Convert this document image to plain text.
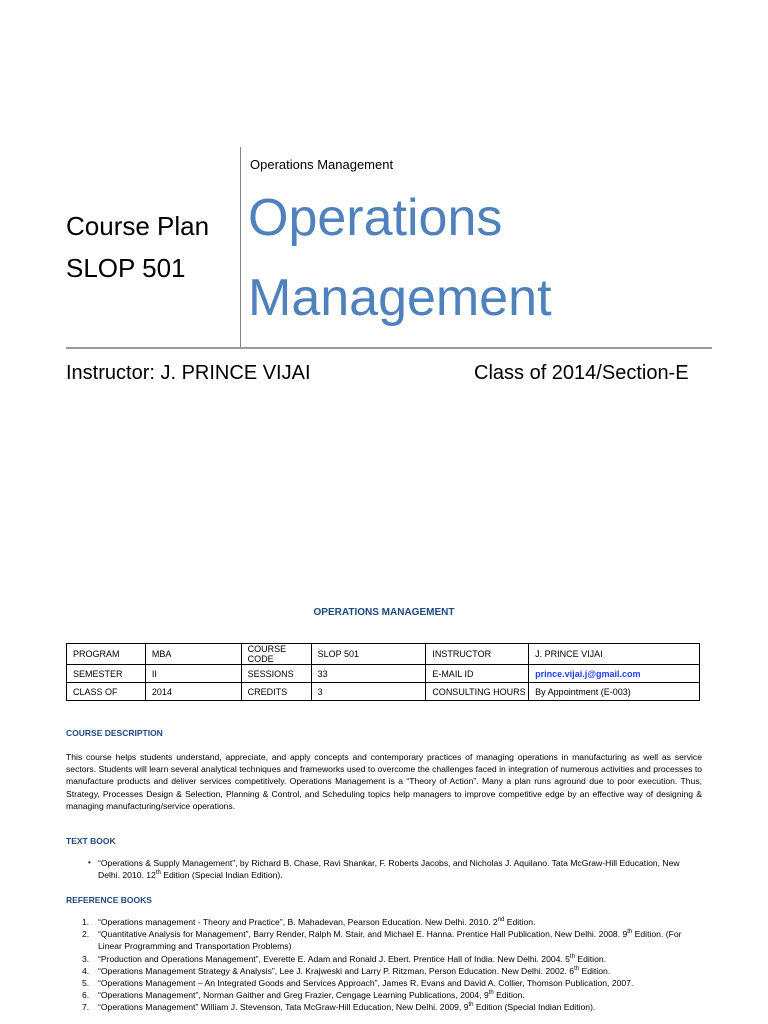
Course Plan
SLOP 501
Operations Management
Operations
Management
Instructor: J. PRINCE VIJAI	Class of 2014/Section-E
OPERATIONS MANAGEMENT
PROGRAM	MBA	COURSE CODE	SLOP 501	INSTRUCTOR	J. PRINCE VIJAI
SEMESTER	II	SESSIONS	33	E-MAIL ID	prince.vijai.j@gmail.com
CLASS OF	2014	CREDITS	3	CONSULTING HOURS	By Appointment (E-003)
COURSE DESCRIPTION
This course helps students understand, appreciate, and apply concepts and contemporary practices of managing operations in manufacturing as well as service sectors. Students will learn several analytical techniques and frameworks used to overcome the challenges faced in integration of numerous activities and processes to manufacture products and deliver services competitively. Operations Management is a “Theory of Action”. Many a plan runs aground due to poor execution. Thus, Strategy, Processes Design & Selection, Planning & Control, and Scheduling topics help managers to improve competitive edge by an effective way of designing & managing manufacturing/service operations.
TEXT BOOK
• “Operations & Supply Management”, by Richard B. Chase, Ravi Shankar, F. Roberts Jacobs, and Nicholas J. Aquilano. Tata McGraw-Hill Education, New Delhi. 2010. 12th Edition (Special Indian Edition).
REFERENCE BOOKS
1. “Operations management - Theory and Practice”, B. Mahadevan, Pearson Education. New Delhi. 2010. 2nd Edition.
2. “Quantitative Analysis for Management”, Barry Render, Ralph M. Stair, and Michael E. Hanna. Prentice Hall Publication, New Delhi. 2008. 9th Edition. (For Linear Programming and Transportation Problems)
3. “Production and Operations Management”, Everette E. Adam and Ronald J. Ebert. Prentice Hall of India. New Delhi. 2004. 5th Edition.
4. “Operations Management Strategy & Analysis”, Lee J. Krajweski and Larry P. Ritzman. Person Education. New Delhi. 2002. 6th Edition.
5. “Operations Management – An Integrated Goods and Services Approach”, James R. Evans and David A. Collier, Thomson Publication, 2007.
6. “Operations Management”, Norman Gaither and Greg Frazier, Cengage Learning Publications, 2004, 9th Edition.
7. “Operations Management” William J. Stevenson, Tata McGraw-Hill Education, New Delhi. 2009, 9th Edition (Special Indian Edition).
